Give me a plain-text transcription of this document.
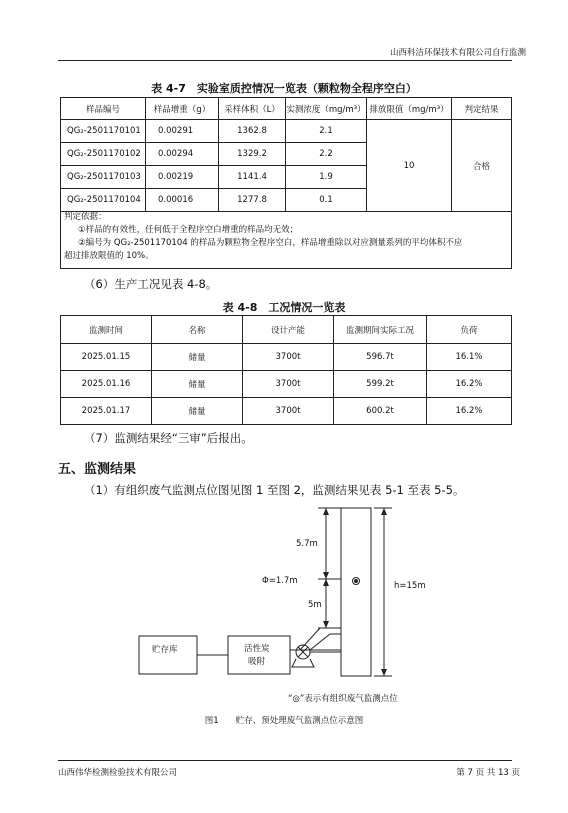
山西科洁环保技术有限公司自行监测
表 4-7　实验室质控情况一览表（颗粒物全程序空白）
样品编号	样品增重（g）	采样体积（L）	实测浓度（mg/m³）	排放限值（mg/m³）	判定结果
QG₂-2501170101	0.00291	1362.8	2.1	10	合格
QG₂-2501170102	0.00294	1329.2	2.2		
QG₂-2501170103	0.00219	1141.4	1.9		
QG₂-2501170104	0.00016	1277.8	0.1		
判定依据：
①样品的有效性，任何低于全程序空白增重的样品均无效；
②编号为 QG₂-2501170104 的样品为颗粒物全程序空白，样品增重除以对应测量系列的平均体积不应
超过排放限值的 10%。
（6）生产工况见表 4-8。
表 4-8　工况情况一览表
监测时间	名称	设计产能	监测期间实际工况	负荷
2025.01.15	储量	3700t	596.7t	16.1%
2025.01.16	储量	3700t	599.2t	16.2%
2025.01.17	储量	3700t	600.2t	16.2%
（7）监测结果经“三审”后报出。
五、监测结果
（1）有组织废气监测点位图见图 1 至图 2，监测结果见表 5-1 至表 5-5。
5.7m
Φ=1.7m
5m
h=15m
贮存库	活性炭
吸附
“◎”表示有组织废气监测点位
图1　　贮存、预处理废气监测点位示意图
山西伟华检测检验技术有限公司	第 7 页 共 13 页
